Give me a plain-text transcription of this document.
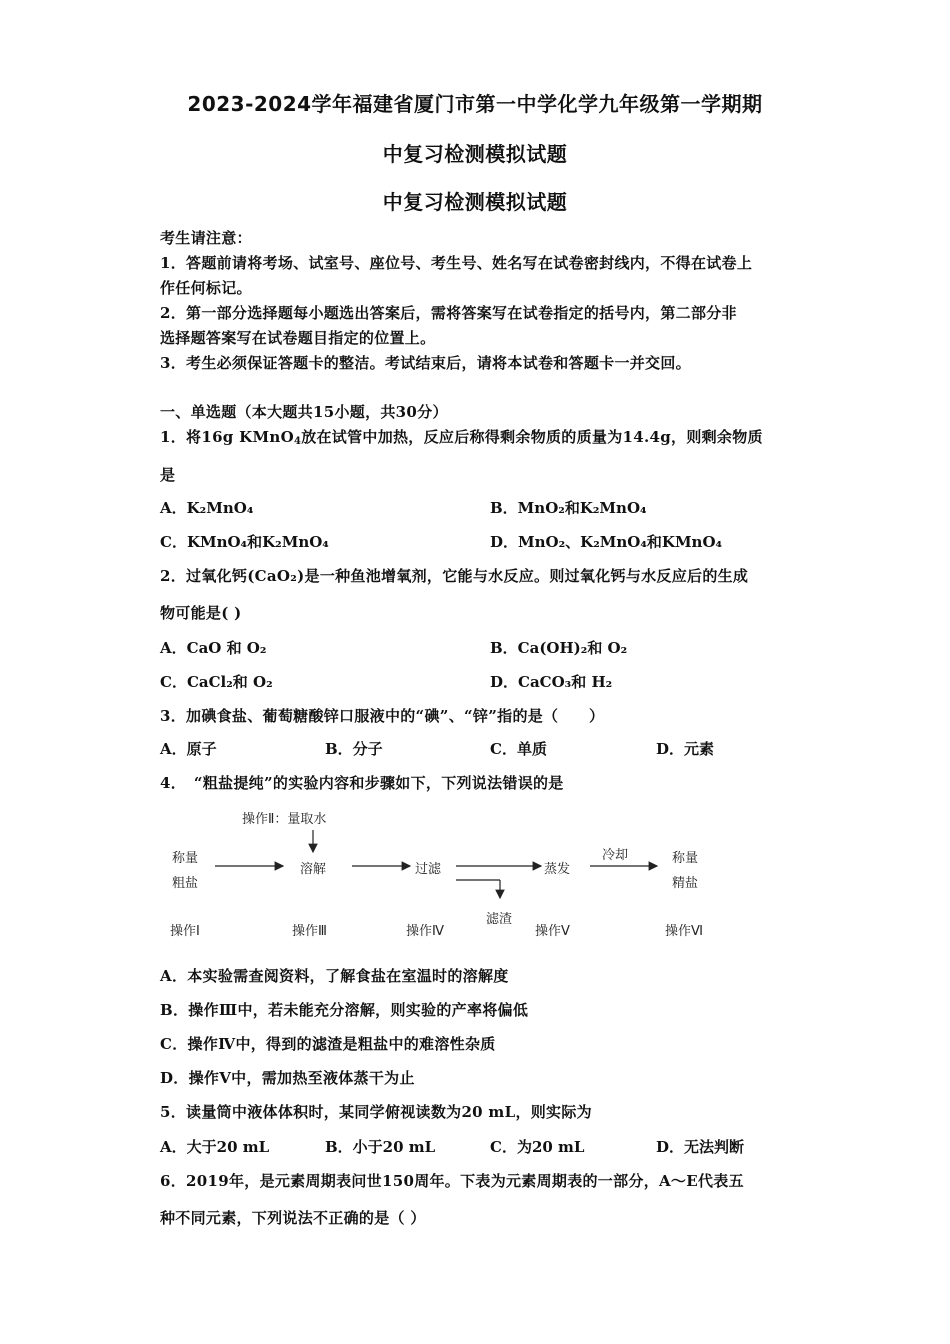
2023-2024学年福建省厦门市第一中学化学九年级第一学期期
中复习检测模拟试题
中复习检测模拟试题
考生请注意：
1．答题前请将考场、试室号、座位号、考生号、姓名写在试卷密封线内，不得在试卷上
作任何标记。
2．第一部分选择题每小题选出答案后，需将答案写在试卷指定的括号内，第二部分非
选择题答案写在试卷题目指定的位置上。
3．考生必须保证答题卡的整洁。考试结束后，请将本试卷和答题卡一并交回。
一、单选题（本大题共15小题，共30分）
1．将16g KMnO$_4$放在试管中加热，反应后称得剩余物质的质量为14.4g，则剩余物质
是
A．K₂MnO₄	B．MnO₂和K₂MnO₄
C．KMnO₄和K₂MnO₄	D．MnO₂、K₂MnO₄和KMnO₄
2．过氧化钙(CaO₂)是一种鱼池增氧剂，它能与水反应。则过氧化钙与水反应后的生成
物可能是( )
A．CaO 和 O₂	B．Ca(OH)₂和 O₂
C．CaCl₂和 O₂	D．CaCO₃和 H₂
3．加碘食盐、葡萄糖酸锌口服液中的“碘”、“锌”指的是（　　）
A．原子	B．分子	C．单质	D．元素
4．　“粗盐提纯”的实验内容和步骤如下，下列说法错误的是
操作Ⅱ：量取水
称量
粗盐
溶解	过滤	蒸发
冷却	称量
精盐
滤渣
操作Ⅰ	操作Ⅲ	操作Ⅳ	操作Ⅴ	操作Ⅵ
A．本实验需查阅资料，了解食盐在室温时的溶解度
B．操作Ⅲ中，若未能充分溶解，则实验的产率将偏低
C．操作Ⅳ中，得到的滤渣是粗盐中的难溶性杂质
D．操作Ⅴ中，需加热至液体蒸干为止
5．读量筒中液体体积时，某同学俯视读数为20 mL，则实际为
A．大于20 mL	B．小于20 mL	C．为20 mL	D．无法判断
6．2019年，是元素周期表问世150周年。下表为元素周期表的一部分，A～E代表五
种不同元素，下列说法不正确的是（ ）
